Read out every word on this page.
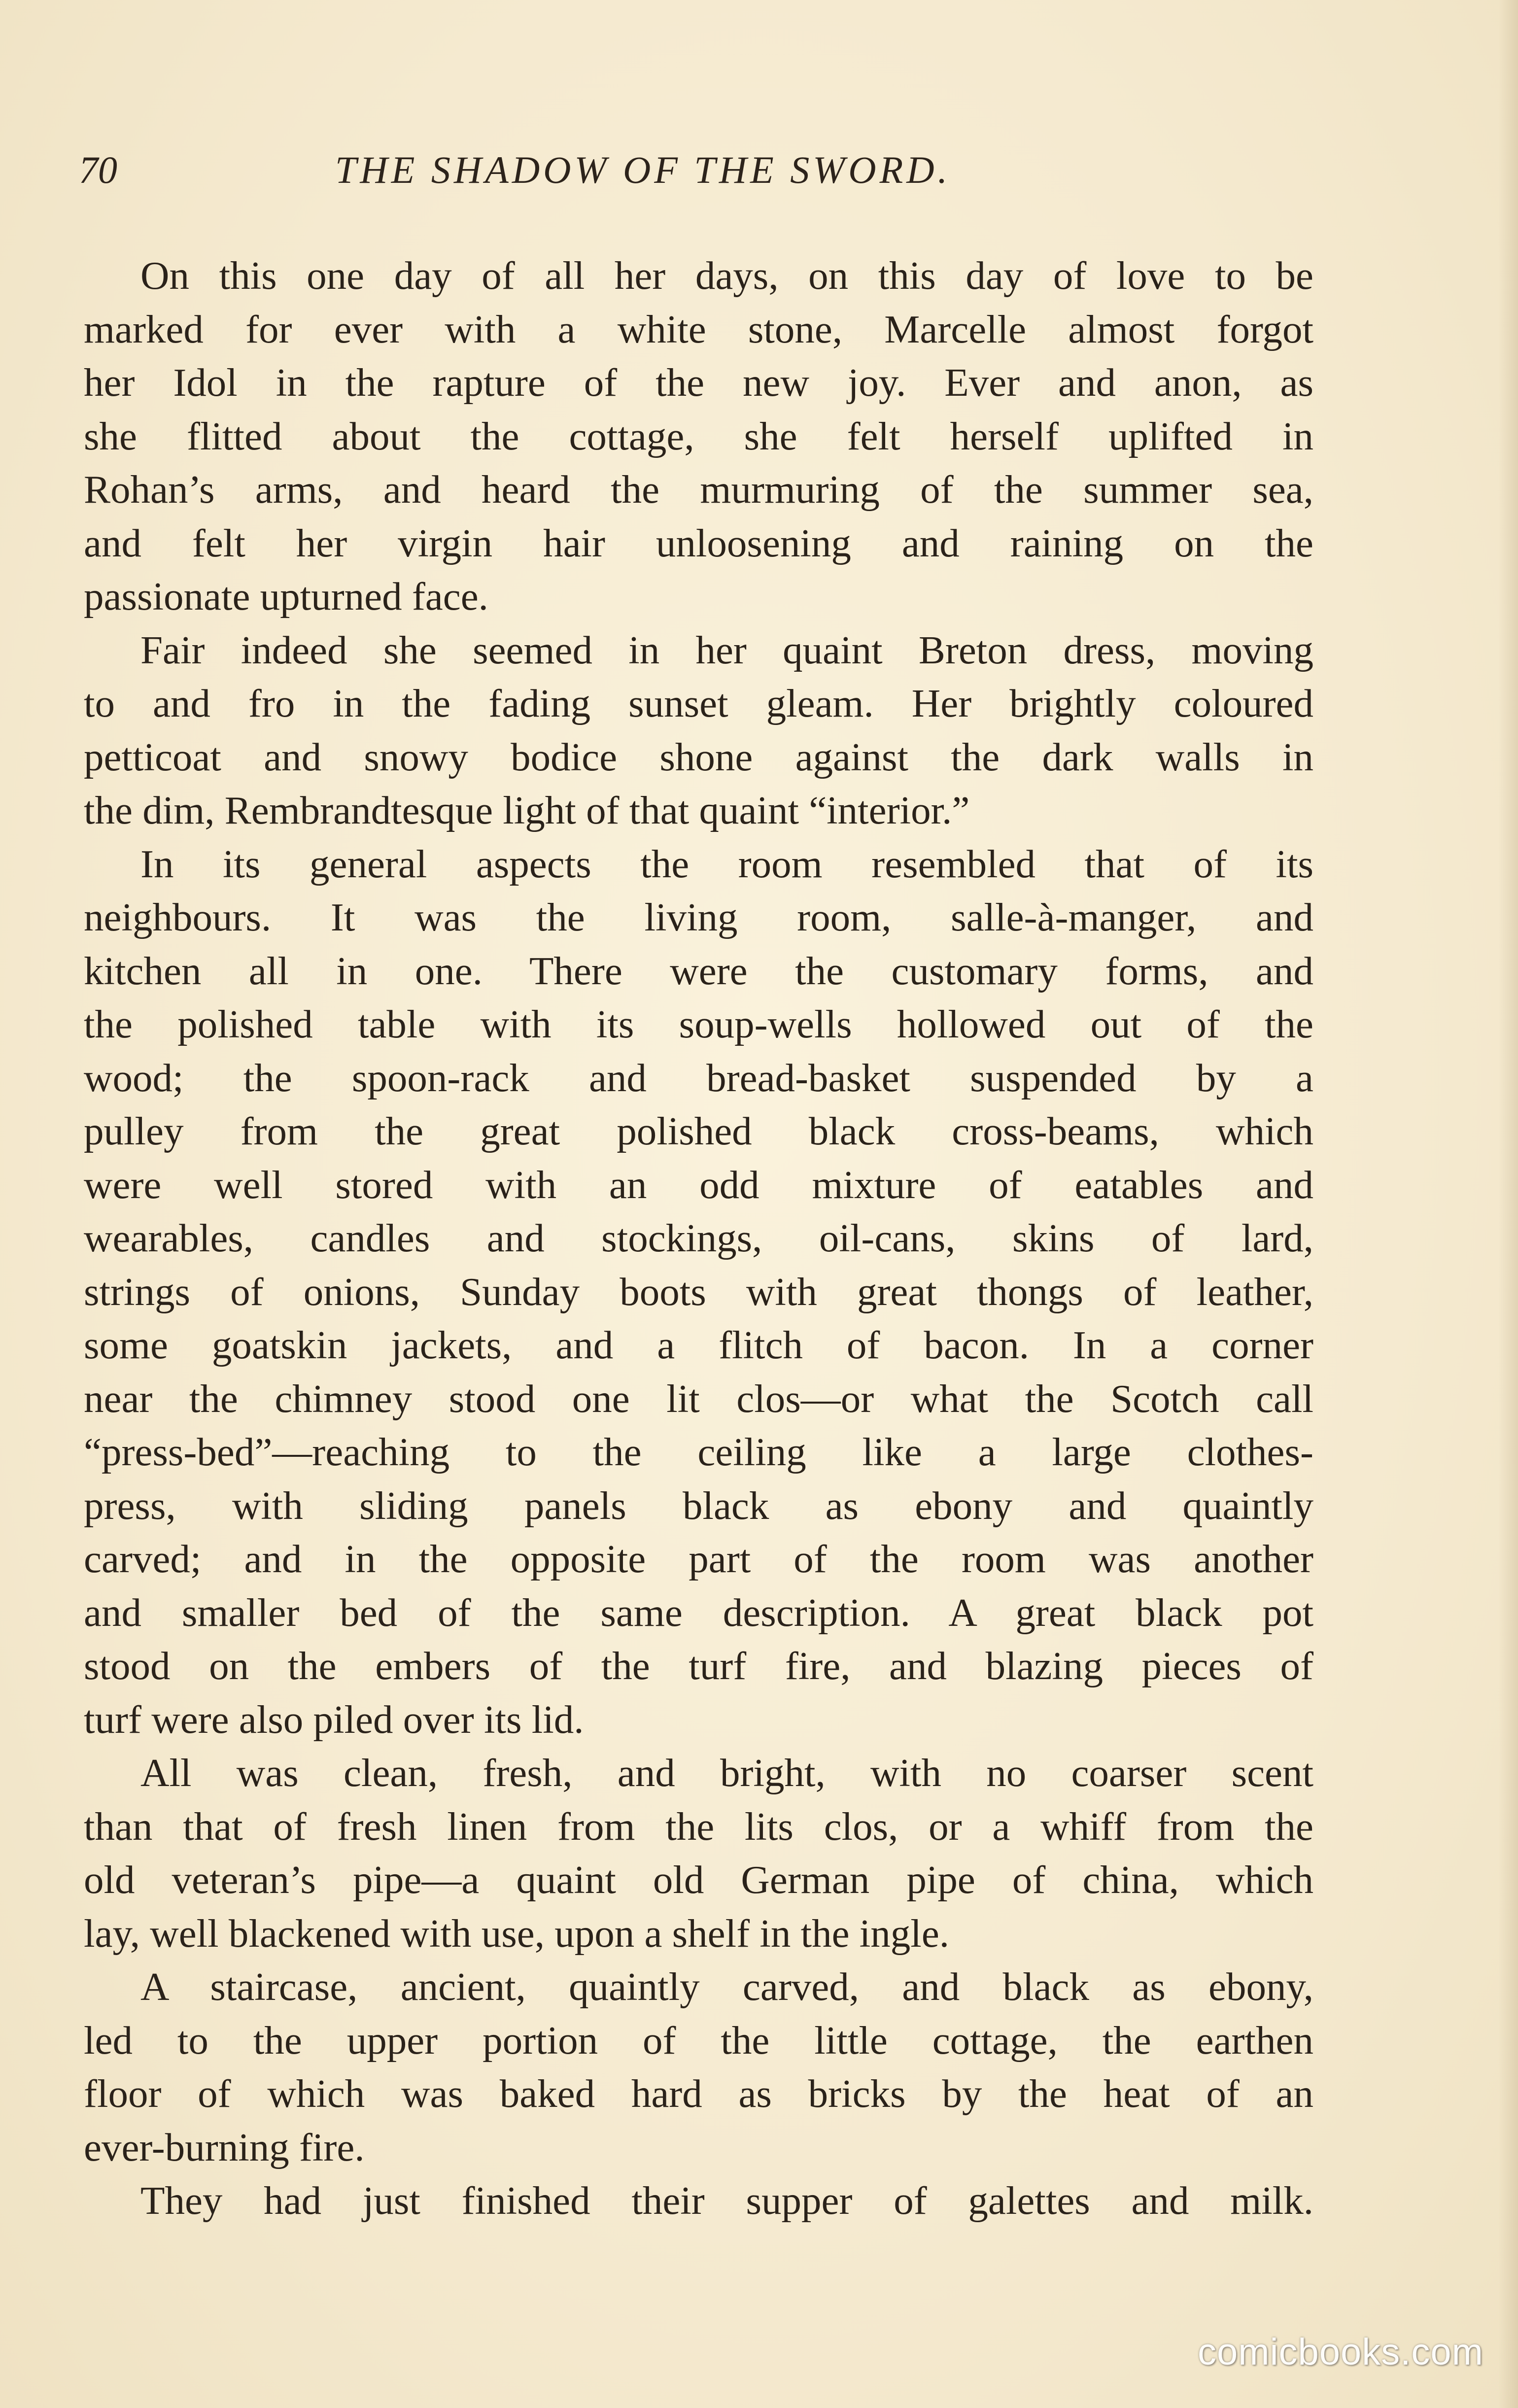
70	THE SHADOW OF THE SWORD.
On this one day of all her days, on this day of love to be
marked for ever with a white stone, Marcelle almost forgot
her Idol in the rapture of the new joy. Ever and anon, as
she flitted about the cottage, she felt herself uplifted in
Rohan’s arms, and heard the murmuring of the summer sea,
and felt her virgin hair unloosening and raining on the
passionate upturned face.
Fair indeed she seemed in her quaint Breton dress, moving
to and fro in the fading sunset gleam. Her brightly coloured
petticoat and snowy bodice shone against the dark walls in
the dim, Rembrandtesque light of that quaint “interior.”
In its general aspects the room resembled that of its
neighbours. It was the living room, salle-à-manger, and
kitchen all in one. There were the customary forms, and
the polished table with its soup-wells hollowed out of the
wood; the spoon-rack and bread-basket suspended by a
pulley from the great polished black cross-beams, which
were well stored with an odd mixture of eatables and
wearables, candles and stockings, oil-cans, skins of lard,
strings of onions, Sunday boots with great thongs of leather,
some goatskin jackets, and a flitch of bacon. In a corner
near the chimney stood one lit clos—or what the Scotch call
“press-bed”—reaching to the ceiling like a large clothes-
press, with sliding panels black as ebony and quaintly
carved; and in the opposite part of the room was another
and smaller bed of the same description. A great black pot
stood on the embers of the turf fire, and blazing pieces of
turf were also piled over its lid.
All was clean, fresh, and bright, with no coarser scent
than that of fresh linen from the lits clos, or a whiff from the
old veteran’s pipe—a quaint old German pipe of china, which
lay, well blackened with use, upon a shelf in the ingle.
A staircase, ancient, quaintly carved, and black as ebony,
led to the upper portion of the little cottage, the earthen
floor of which was baked hard as bricks by the heat of an
ever-burning fire.
They had just finished their supper of galettes and milk.
comicbooks.com
